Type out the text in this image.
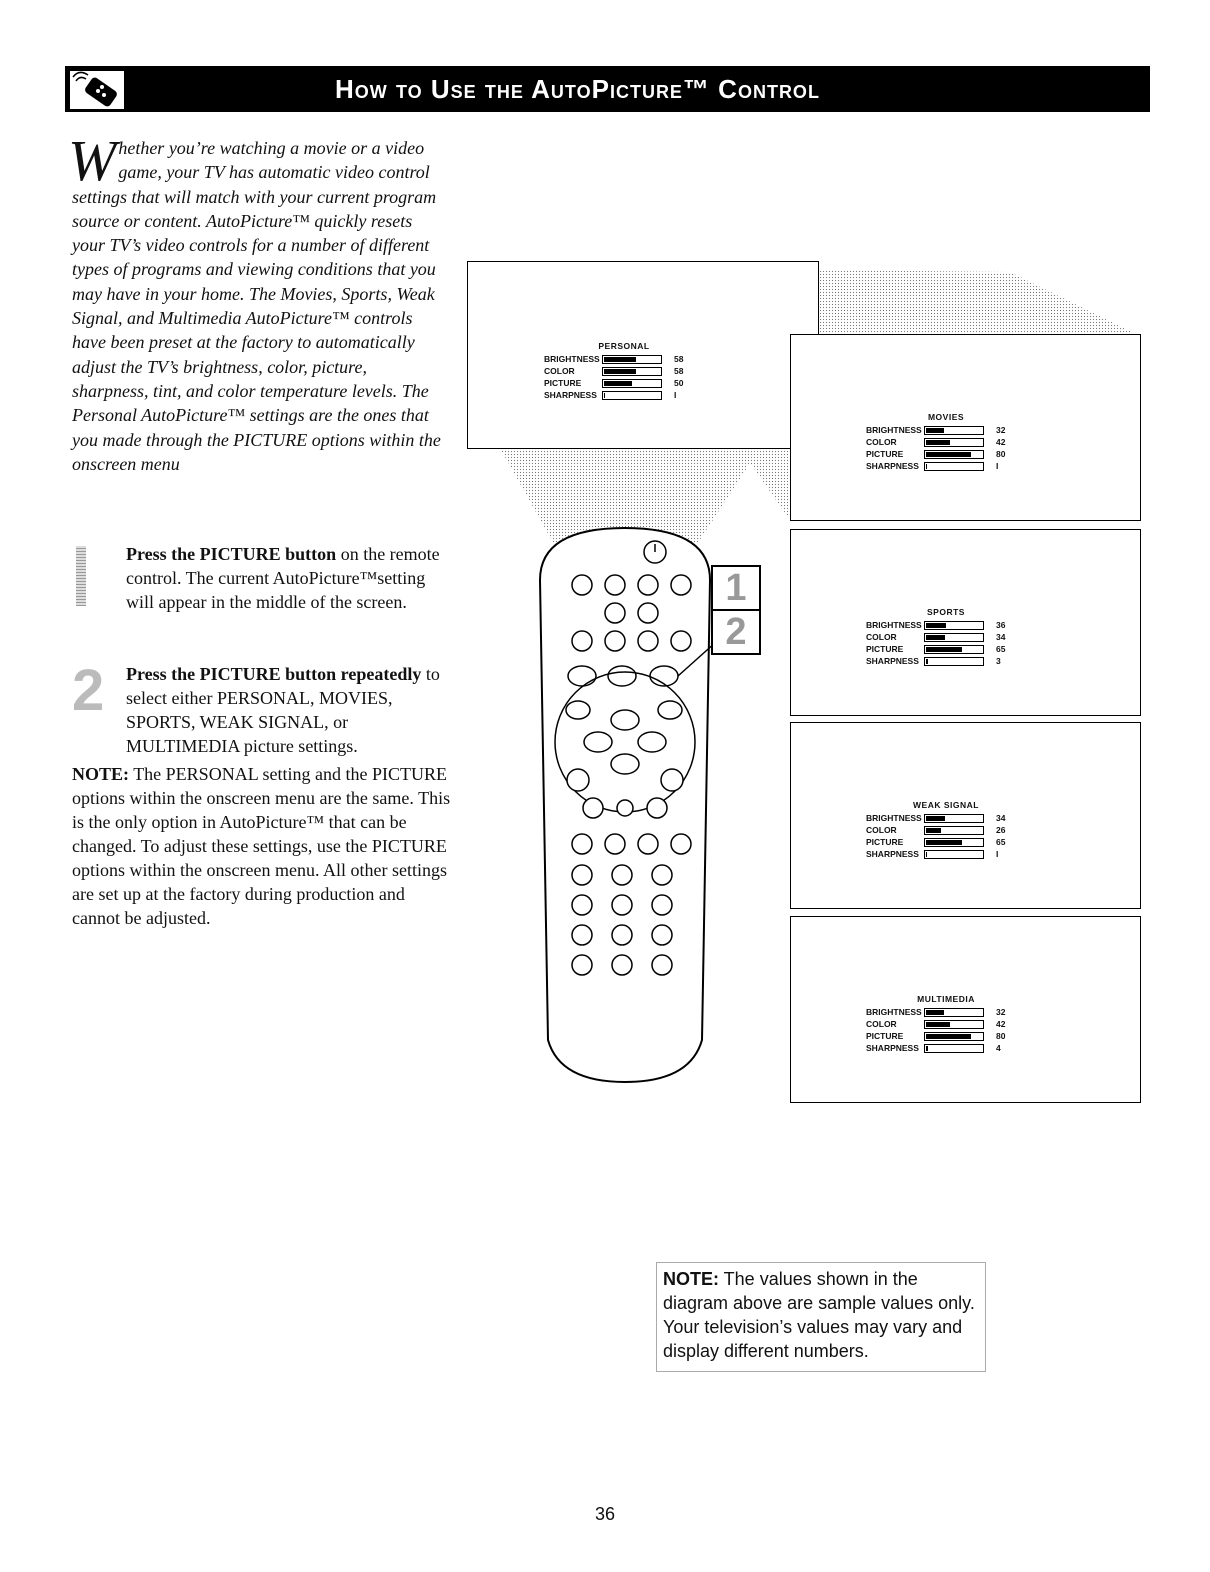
How to Use the AutoPicture™ Control
Whether you’re watching a movie or a video game, your TV has automatic video control settings that will match with your current program source or content. AutoPicture™ quickly resets your TV’s video controls for a number of different types of programs and viewing conditions that you may have in your home. The Movies, Sports, Weak Signal, and Multimedia AutoPicture™ controls have been preset at the factory to automatically adjust the TV’s brightness, color, picture, sharpness, tint, and color temperature levels. The Personal AutoPicture™ settings are the ones that you made through the PICTURE options within the onscreen menu
Press the PICTURE button on the remote control. The current AutoPicture™setting will appear in the middle of the screen.
2 Press the PICTURE button repeatedly to select either PERSONAL, MOVIES, SPORTS, WEAK SIGNAL, or MULTIMEDIA picture settings.
NOTE: The PERSONAL setting and the PICTURE options within the onscreen menu are the same. This is the only option in AutoPicture™ that can be changed. To adjust these settings, use the PICTURE options within the onscreen menu. All other settings are set up at the factory during production and cannot be adjusted.
PERSONAL
BRIGHTNESS	58
COLOR	58
PICTURE	50
SHARPNESS	I
MOVIES
BRIGHTNESS	32
COLOR	42
PICTURE	80
SHARPNESS	I
SPORTS
BRIGHTNESS	36
COLOR	34
PICTURE	65
SHARPNESS	3
WEAK SIGNAL
BRIGHTNESS	34
COLOR	26
PICTURE	65
SHARPNESS	I
MULTIMEDIA
BRIGHTNESS	32
COLOR	42
PICTURE	80
SHARPNESS	4
1
2
NOTE: The values shown in the diagram above are sample values only. Your television’s values may vary and display different numbers.
36
